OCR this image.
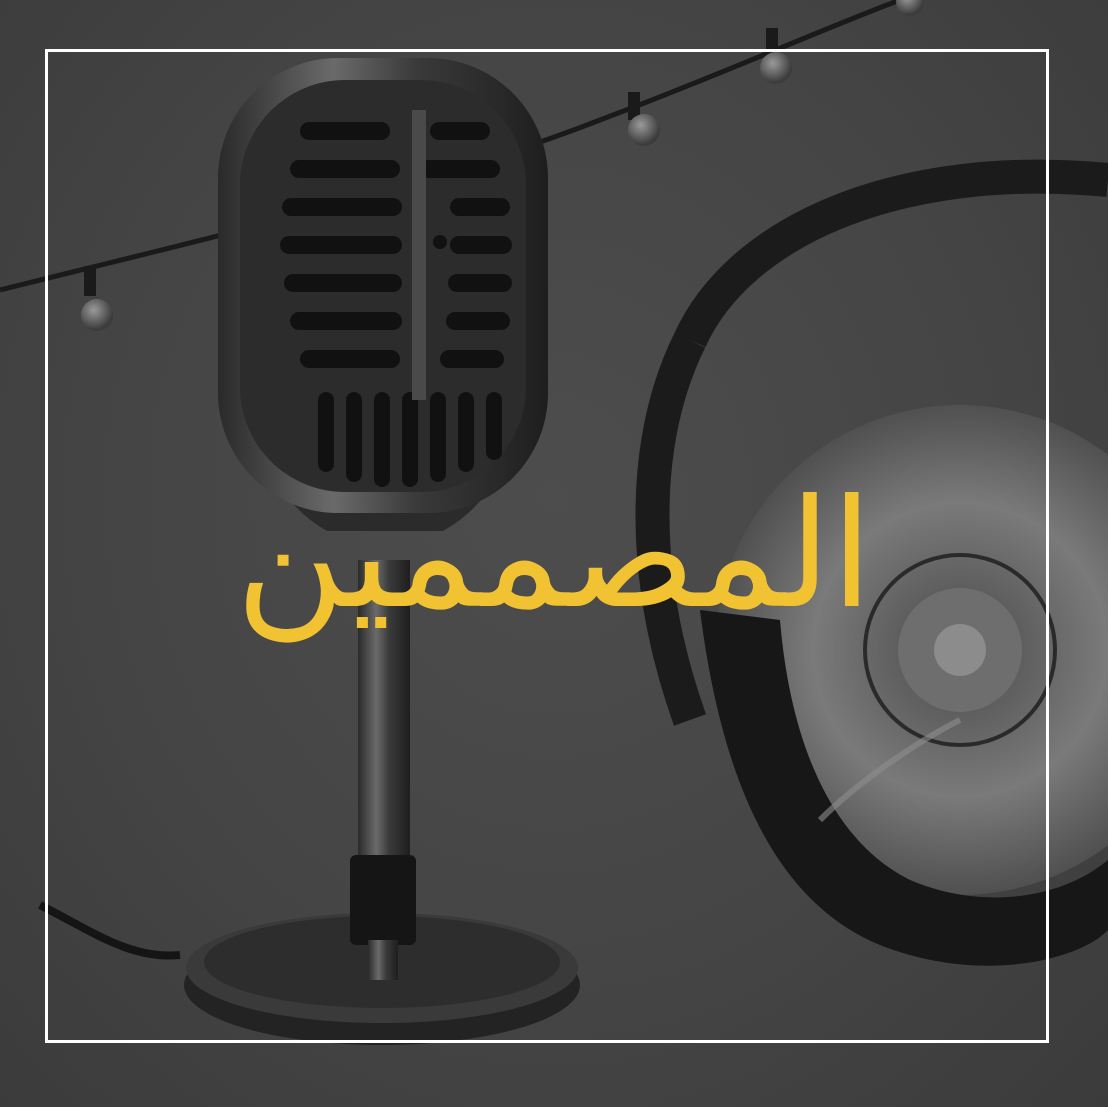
المصممين
